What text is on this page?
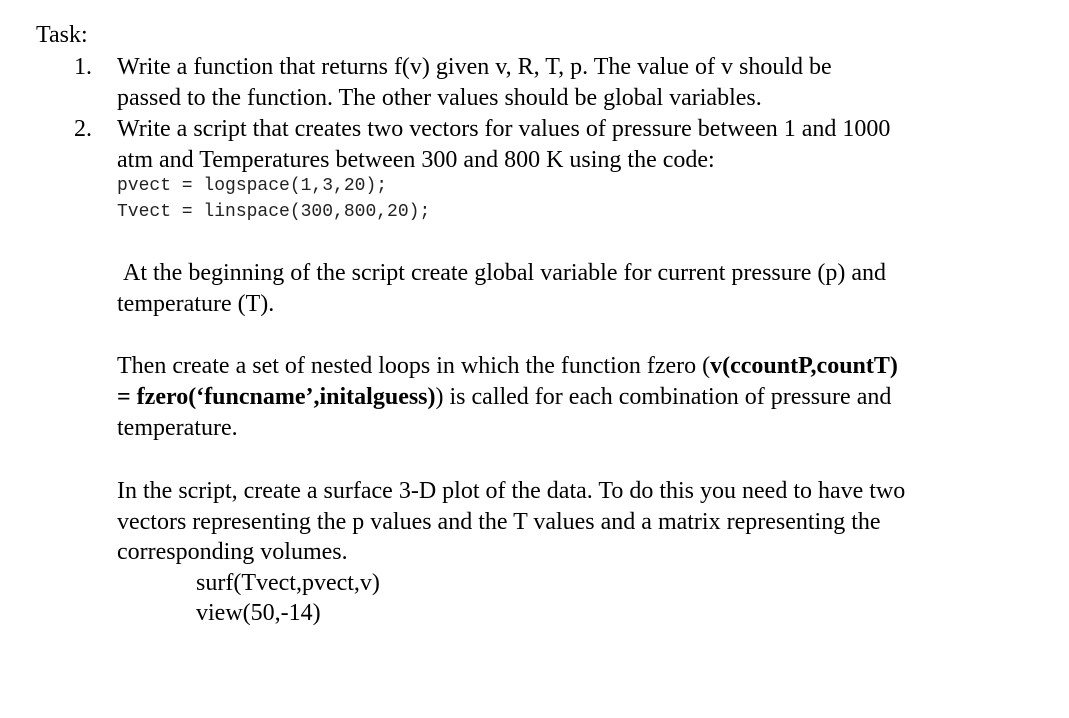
Task:
1. Write a function that returns f(v) given v, R, T, p. The value of v should be
passed to the function. The other values should be global variables.
2. Write a script that creates two vectors for values of pressure between 1 and 1000
atm and Temperatures between 300 and 800 K using the code:
pvect = logspace(1,3,20);
Tvect = linspace(300,800,20);
At the beginning of the script create global variable for current pressure (p) and
temperature (T).
Then create a set of nested loops in which the function fzero (v(ccountP,countT)
= fzero(‘funcname’,initalguess)) is called for each combination of pressure and
temperature.
In the script, create a surface 3-D plot of the data. To do this you need to have two
vectors representing the p values and the T values and a matrix representing the
corresponding volumes.
surf(Tvect,pvect,v)
view(50,-14)
